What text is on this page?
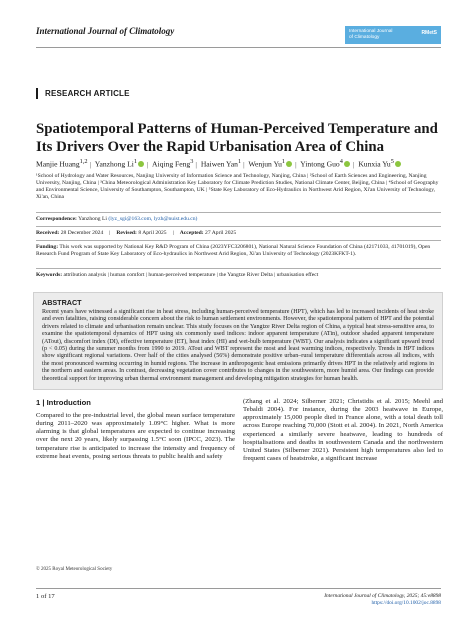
International Journal of Climatology	International Journal
of Climatology
RMetS
RESEARCH ARTICLE
Spatiotemporal Patterns of Human-Perceived Temperature and Its Drivers Over the Rapid Urbanisation Area of China
Manjie Huang$^{1,2}$ | Yanzhong Li$^1$ | Aiqing Feng$^3$ | Haiwen Yan$^1$ | Wenjun Yu$^1$ | Yintong Guo$^4$ | Kunxia Yu$^5$
¹School of Hydrology and Water Resources, Nanjing University of Information Science and Technology, Nanjing, China | ²School of Earth Sciences and Engineering, Nanjing University, Nanjing, China | ³China Meteorological Administration Key Laboratory for Climate Prediction Studies, National Climate Center, Beijing, China | ⁴School of Geography and Environmental Science, University of Southampton, Southampton, UK | ⁵State Key Laboratory of Eco-Hydraulics in Northwest Arid Region, Xi'an University of Technology, Xi'an, China
Correspondence: Yanzhong Li (lyz_sgi@163.com, lyzh@nuist.edu.cn)
Received: 28 December 2024 | Revised: 8 April 2025 | Accepted: 27 April 2025
Funding: This work was supported by National Key R&D Program of China (2023YFC3206801), National Natural Science Foundation of China (42171033, 41701019), Open Research Fund Program of State Key Laboratory of Eco-hydraulics in Northwest Arid Region, Xi'an University of Technology (2023KFKT-1).
Keywords: attribution analysis | human comfort | human-perceived temperature | the Yangtze River Delta | urbanisation effect
ABSTRACT
Recent years have witnessed a significant rise in heat stress, including human-perceived temperature (HPT), which has led to increased incidents of heat stroke and even fatalities, raising considerable concern about the risk to human settlement environments. However, the spatiotemporal pattern of HPT and the potential drivers related to climate and urbanisation remain unclear. This study focuses on the Yangtze River Delta region of China, a typical heat stress-sensitive area, to examine the spatiotemporal dynamics of HPT using six commonly used indices: indoor apparent temperature (ATin), outdoor shaded apparent temperature (ATout), discomfort index (DI), effective temperature (ET), heat index (HI) and wet-bulb temperature (WBT). Our analysis indicates a significant upward trend (p < 0.05) during the summer months from 1990 to 2019. ATout and WBT represent the most and least warming indices, respectively. Trends in HPT indices show significant regional variations. Over half of the cities analysed (56%) demonstrate positive urban–rural temperature differentials across all indices, with the most pronounced warming occurring in humid regions. The increase in anthropogenic heat emissions primarily drives HPT in the relatively arid regions in the northern and eastern areas. In contrast, decreasing vegetation cover contributes to changes in the southwestern, more humid area. Our findings can provide theoretical support for improving urban thermal environment management and developing mitigation strategies for human health.
1 | Introduction
Compared to the pre-industrial level, the global mean surface temperature during 2011–2020 was approximately 1.09°C higher. What is more alarming is that global temperatures are expected to continue increasing over the next 20 years, likely surpassing 1.5°C soon (IPCC, 2023). The temperature rise is anticipated to increase the intensity and frequency of extreme heat events, posing serious threats to public health and safety
(Zhang et al. 2024; Silberner 2021; Christidis et al. 2015; Meehl and Tebaldi 2004). For instance, during the 2003 heatwave in Europe, approximately 15,000 people died in France alone, with a total death toll across Europe reaching 70,000 (Stott et al. 2004). In 2021, North America experienced a similarly severe heatwave, leading to hundreds of hospitalisations and deaths in southwestern Canada and the northwestern United States (Silberner 2021). Persistent high temperatures also led to frequent cases of heatstroke, a significant increase
© 2025 Royal Meteorological Society
1 of 17	International Journal of Climatology, 2025; 45:e8898
https://doi.org/10.1002/joc.8898
